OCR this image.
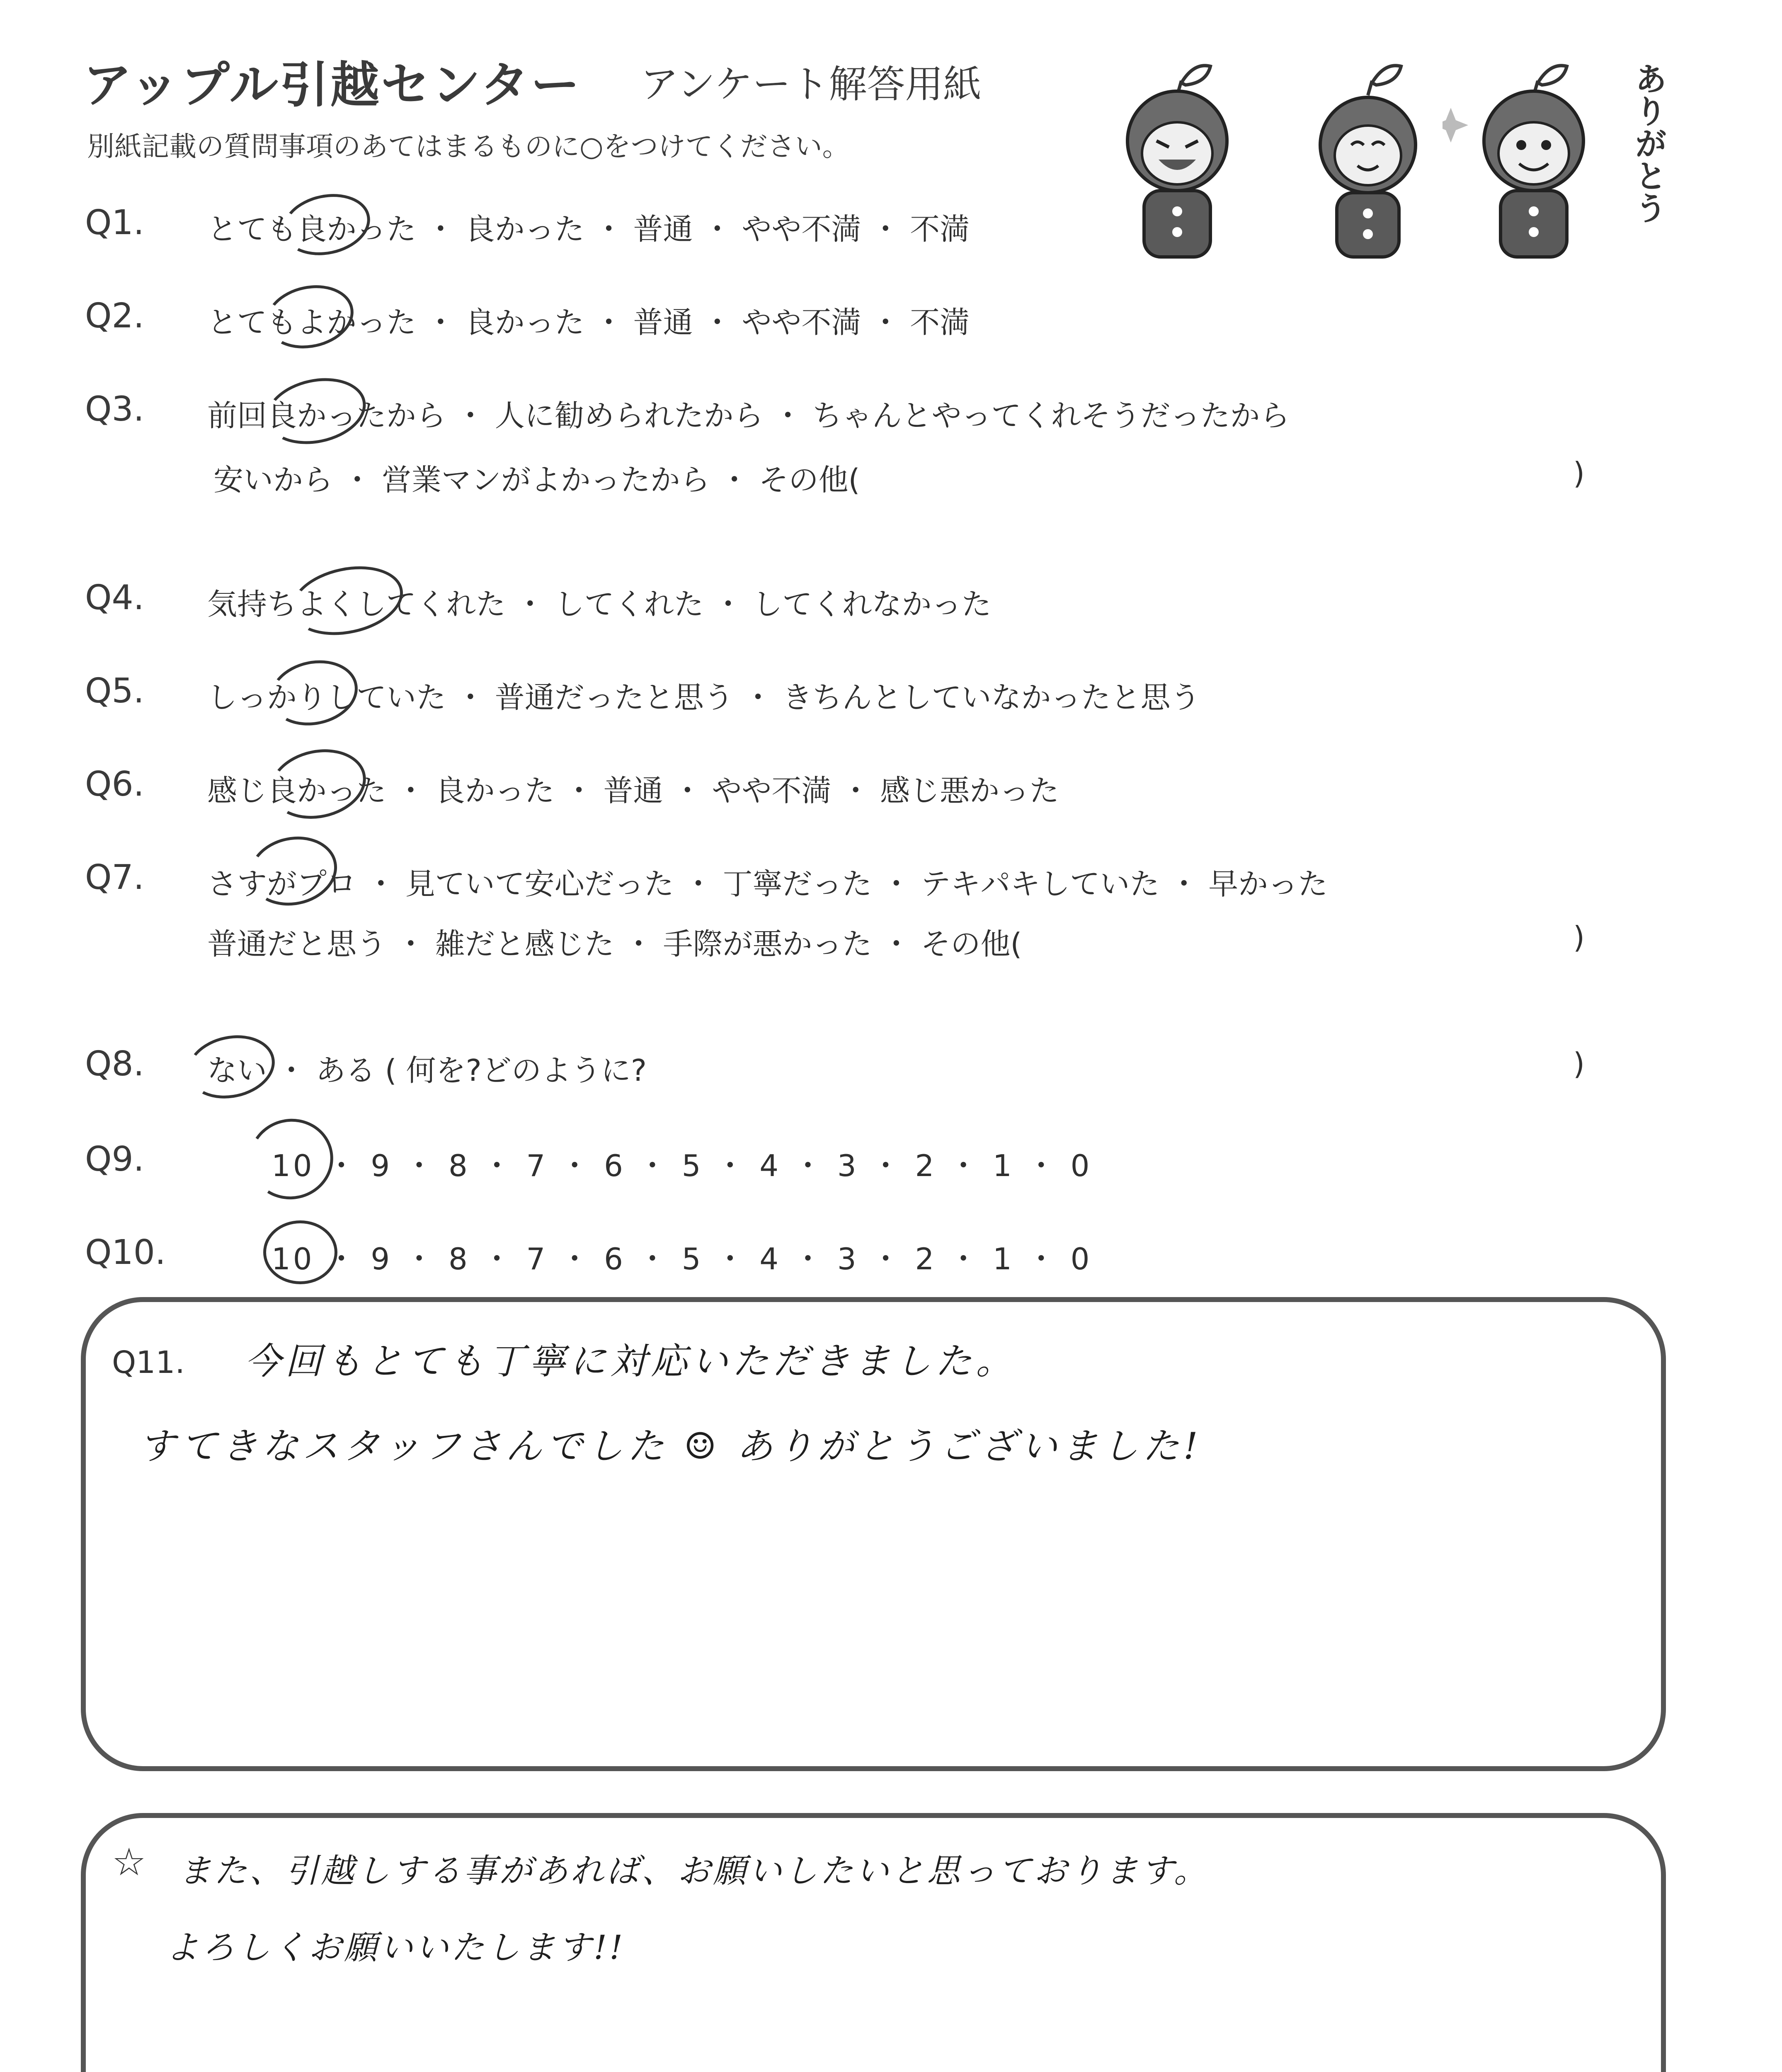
アップル引越センター アンケート解答用紙
別紙記載の質問事項のあてはまるものに○をつけてください。	ありがとう
Q1. とても良かった ・ 良かった ・ 普通 ・ やや不満 ・ 不満
Q2. とてもよかった ・ 良かった ・ 普通 ・ やや不満 ・ 不満
Q3. 前回良かったから ・ 人に勧められたから ・ ちゃんとやってくれそうだったから
安いから ・ 営業マンがよかったから ・ その他(	)
Q4. 気持ちよくしてくれた ・ してくれた ・ してくれなかった
Q5. しっかりしていた ・ 普通だったと思う ・ きちんとしていなかったと思う
Q6. 感じ良かった ・ 良かった ・ 普通 ・ やや不満 ・ 感じ悪かった
Q7. さすがプロ ・ 見ていて安心だった ・ 丁寧だった ・ テキパキしていた ・ 早かった
普通だと思う ・ 雑だと感じた ・ 手際が悪かった ・ その他(	)
Q8. ない ・ ある ( 何を?どのように?	)
Q9.	10 ・ 9 ・ 8 ・ 7 ・ 6 ・ 5 ・ 4 ・ 3 ・ 2 ・ 1 ・ 0
Q10.	10 ・ 9 ・ 8 ・ 7 ・ 6 ・ 5 ・ 4 ・ 3 ・ 2 ・ 1 ・ 0
Q11. 今回もとても丁寧に対応いただきました。
すてきなスタッフさんでした ☺ ありがとうございました!
☆ また、引越しする事があれば、お願いしたいと思っております。
よろしくお願いいたします!!
